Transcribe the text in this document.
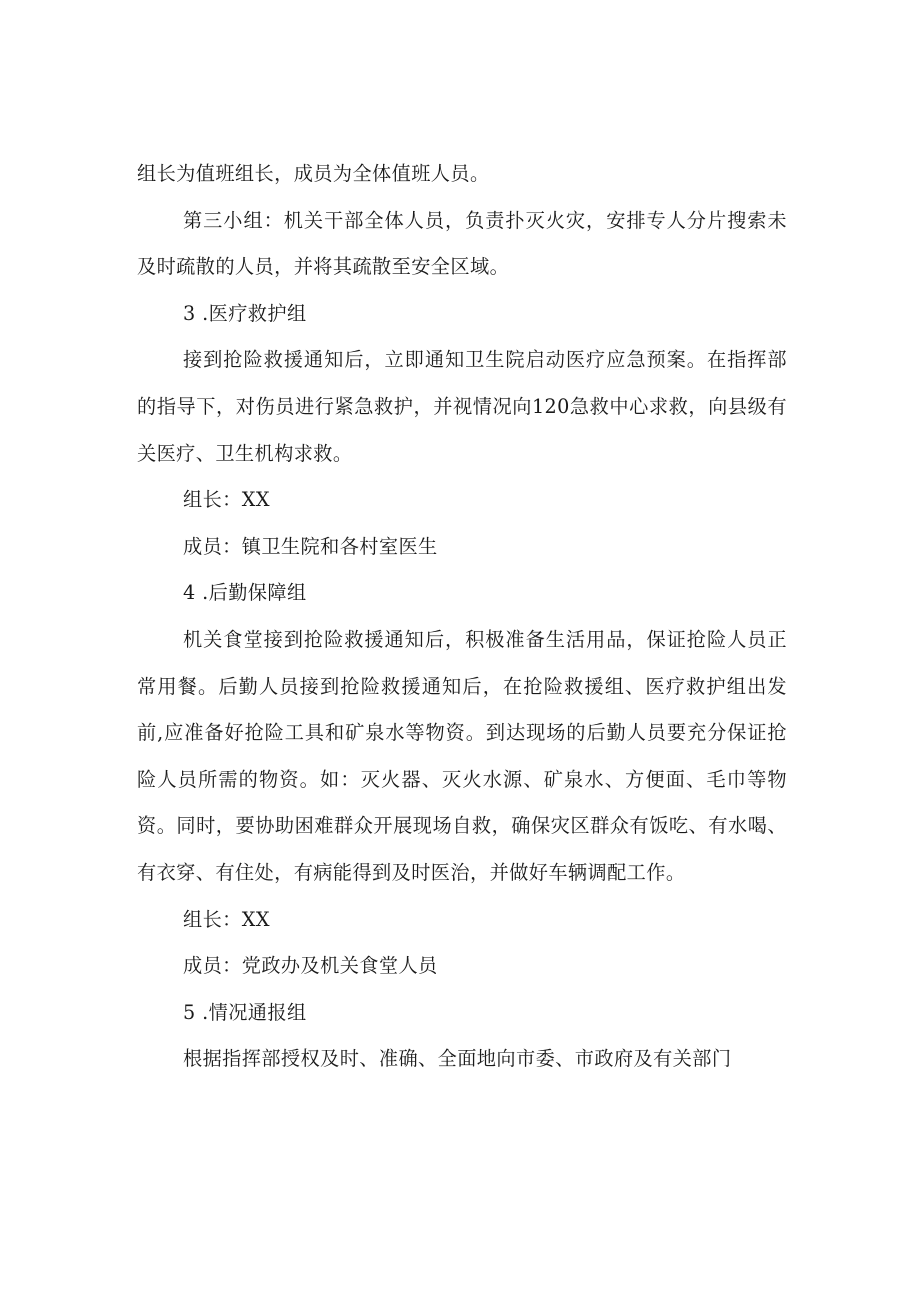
组长为值班组长，成员为全体值班人员。

第三小组：机关干部全体人员，负责扑灭火灾，安排专人分片搜索未及时疏散的人员，并将其疏散至安全区域。

3 .医疗救护组

接到抢险救援通知后，立即通知卫生院启动医疗应急预案。在指挥部的指导下，对伤员进行紧急救护，并视情况向120急救中心求救，向县级有关医疗、卫生机构求救。

组长：XX

成员：镇卫生院和各村室医生

4 .后勤保障组

机关食堂接到抢险救援通知后，积极准备生活用品，保证抢险人员正常用餐。后勤人员接到抢险救援通知后，在抢险救援组、医疗救护组出发前,应准备好抢险工具和矿泉水等物资。到达现场的后勤人员要充分保证抢险人员所需的物资。如：灭火器、灭火水源、矿泉水、方便面、毛巾等物资。同时，要协助困难群众开展现场自救，确保灾区群众有饭吃、有水喝、有衣穿、有住处，有病能得到及时医治，并做好车辆调配工作。

组长：XX

成员：党政办及机关食堂人员

5 .情况通报组

根据指挥部授权及时、准确、全面地向市委、市政府及有关部门
